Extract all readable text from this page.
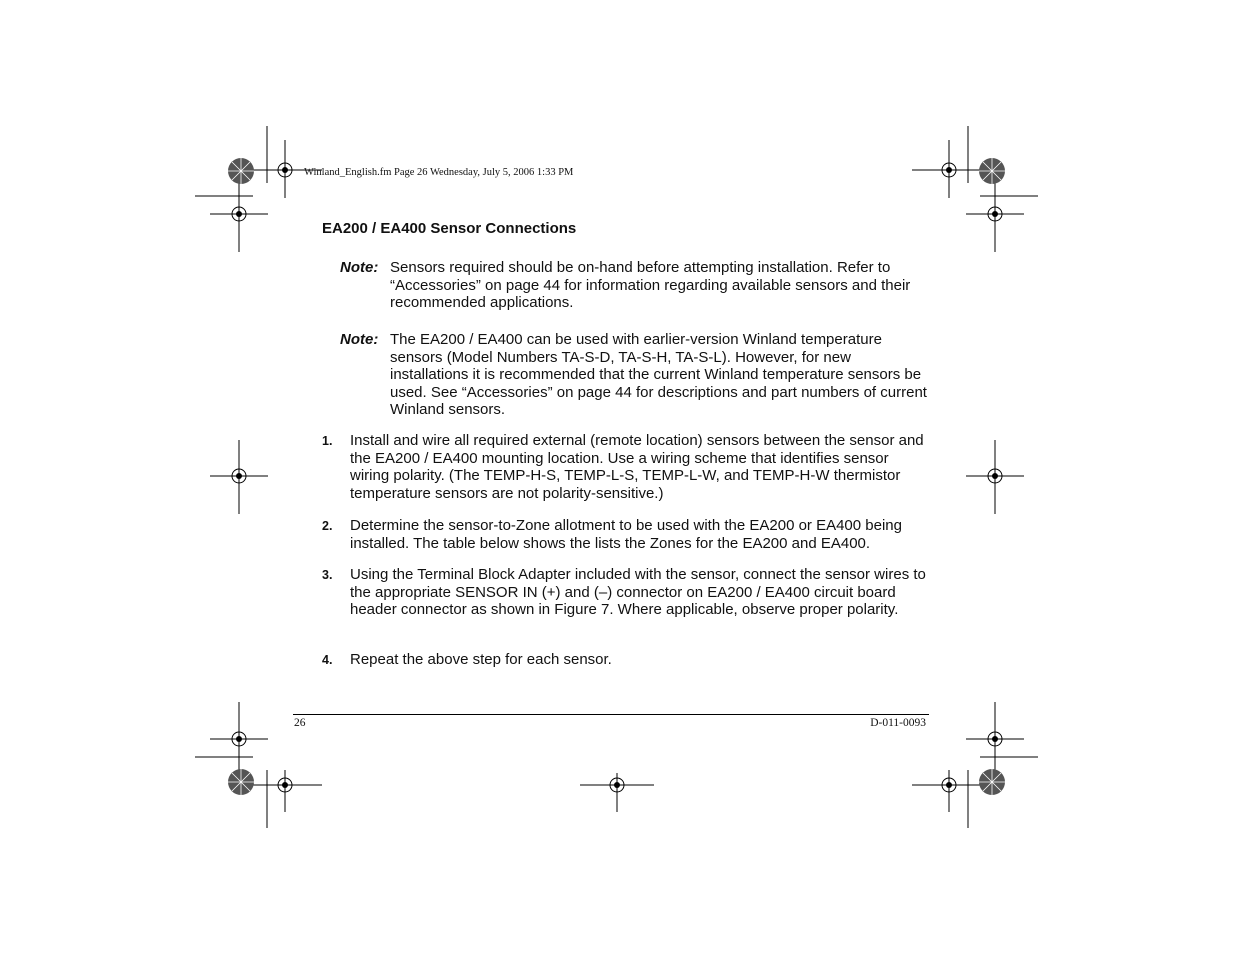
Winland_English.fm Page 26 Wednesday, July 5, 2006 1:33 PM
EA200 / EA400 Sensor Connections
Note: Sensors required should be on-hand before attempting installation. Refer to “Accessories” on page 44 for information regarding available sensors and their recommended applications.
Note: The EA200 / EA400 can be used with earlier-version Winland temperature sensors (Model Numbers TA-S-D, TA-S-H, TA-S-L). However, for new installations it is recommended that the current Winland temperature sensors be used. See “Accessories” on page 44 for descriptions and part numbers of current Winland sensors.
1. Install and wire all required external (remote location) sensors between the sensor and the EA200 / EA400 mounting location. Use a wiring scheme that identifies sensor wiring polarity. (The TEMP-H-S, TEMP-L-S, TEMP-L-W, and TEMP-H-W thermistor temperature sensors are not polarity-sensitive.)
2. Determine the sensor-to-Zone allotment to be used with the EA200 or EA400 being installed. The table below shows the lists the Zones for the EA200 and EA400.
3. Using the Terminal Block Adapter included with the sensor, connect the sensor wires to the appropriate SENSOR IN (+) and (–) connector on EA200 / EA400 circuit board header connector as shown in Figure 7. Where applicable, observe proper polarity.
4. Repeat the above step for each sensor.
26	D-011-0093
